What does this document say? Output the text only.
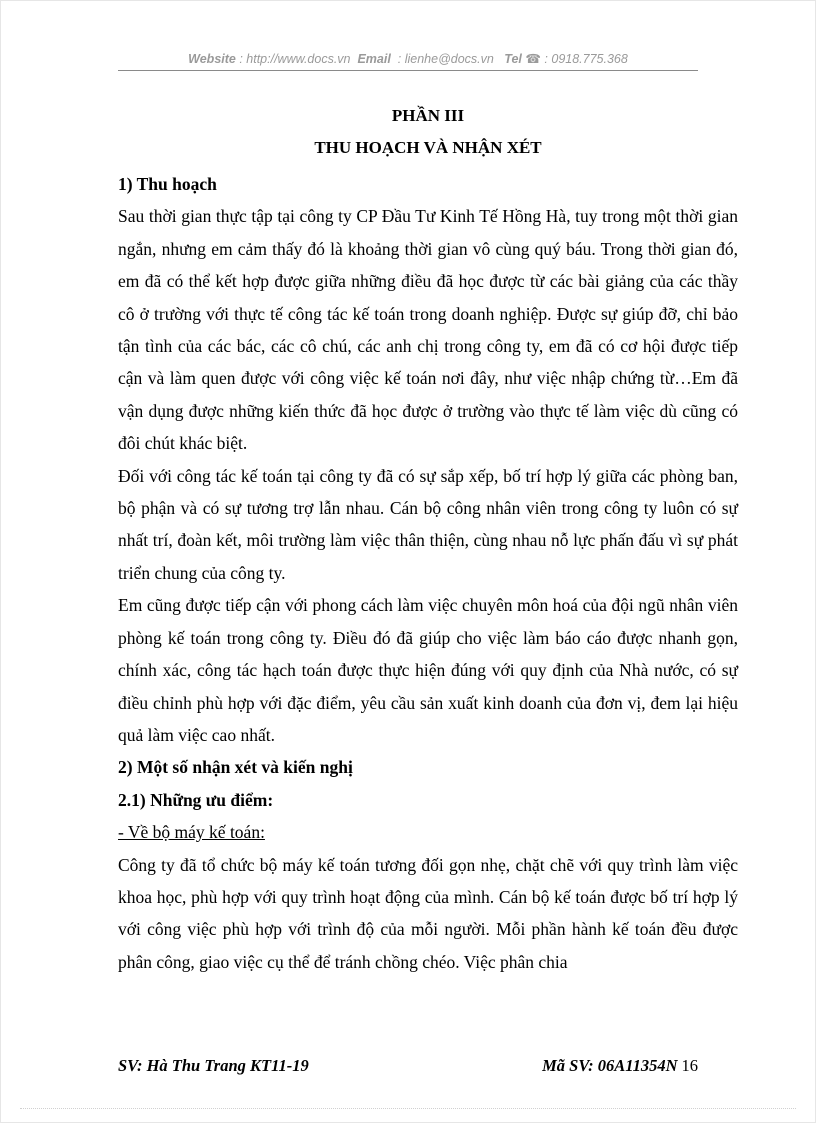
Website : http://www.docs.vn Email : lienhe@docs.vn Tel ☎ : 0918.775.368
PHẦN III
THU HOẠCH VÀ NHẬN XÉT
1) Thu hoạch

Sau thời gian thực tập tại công ty CP Đầu Tư Kinh Tế Hồng Hà, tuy trong một thời gian ngắn, nhưng em cảm thấy đó là khoảng thời gian vô cùng quý báu. Trong thời gian đó, em đã có thể kết hợp được giữa những điều đã học được từ các bài giảng của các thầy cô ở trường với thực tế công tác kế toán trong doanh nghiệp. Được sự giúp đỡ, chỉ bảo tận tình của các bác, các cô chú, các anh chị trong công ty, em đã có cơ hội được tiếp cận và làm quen được với công việc kế toán nơi đây, như việc nhập chứng từ…Em đã vận dụng được những kiến thức đã học được ở trường vào thực tế làm việc dù cũng có đôi chút khác biệt.

Đối với công tác kế toán tại công ty đã có sự sắp xếp, bố trí hợp lý giữa các phòng ban, bộ phận và có sự tương trợ lẫn nhau. Cán bộ công nhân viên trong công ty luôn có sự nhất trí, đoàn kết, môi trường làm việc thân thiện, cùng nhau nỗ lực phấn đấu vì sự phát triển chung của công ty.

Em cũng được tiếp cận với phong cách làm việc chuyên môn hoá của đội ngũ nhân viên phòng kế toán trong công ty. Điều đó đã giúp cho việc làm báo cáo được nhanh gọn, chính xác, công tác hạch toán được thực hiện đúng với quy định của Nhà nước, có sự điều chỉnh phù hợp với đặc điểm, yêu cầu sản xuất kinh doanh của đơn vị, đem lại hiệu quả làm việc cao nhất.

2) Một số nhận xét và kiến nghị
2.1) Những ưu điểm:
- Về bộ máy kế toán:

Công ty đã tổ chức bộ máy kế toán tương đối gọn nhẹ, chặt chẽ với quy trình làm việc khoa học, phù hợp với quy trình hoạt động của mình. Cán bộ kế toán được bố trí hợp lý với công việc phù hợp với trình độ của mỗi người. Mỗi phần hành kế toán đều được phân công, giao việc cụ thể để tránh chồng chéo. Việc phân chia

SV: Hà Thu Trang KT11-19	Mã SV: 06A11354N 16
